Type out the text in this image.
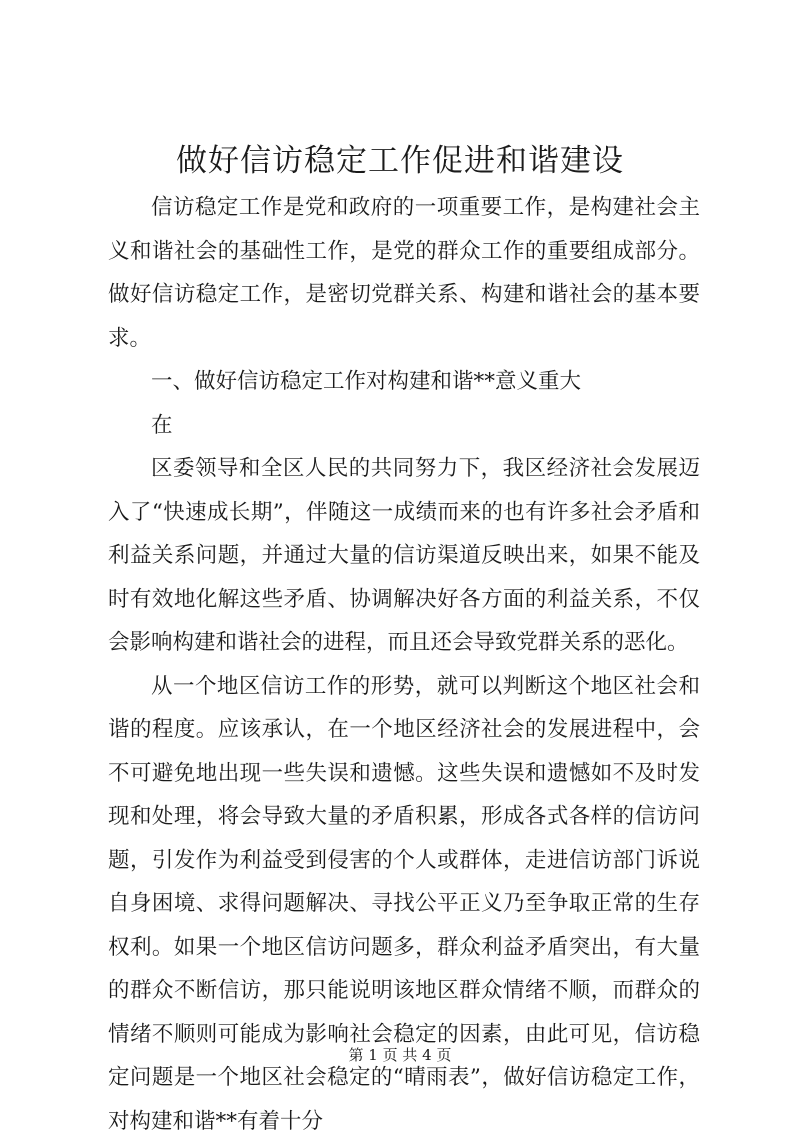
做好信访稳定工作促进和谐建设

信访稳定工作是党和政府的一项重要工作，是构建社会主义和谐社会的基础性工作，是党的群众工作的重要组成部分。做好信访稳定工作，是密切党群关系、构建和谐社会的基本要求。

一、做好信访稳定工作对构建和谐**意义重大

在

区委领导和全区人民的共同努力下，我区经济社会发展迈入了“快速成长期”，伴随这一成绩而来的也有许多社会矛盾和利益关系问题，并通过大量的信访渠道反映出来，如果不能及时有效地化解这些矛盾、协调解决好各方面的利益关系，不仅会影响构建和谐社会的进程，而且还会导致党群关系的恶化。

从一个地区信访工作的形势，就可以判断这个地区社会和谐的程度。应该承认，在一个地区经济社会的发展进程中，会不可避免地出现一些失误和遗憾。这些失误和遗憾如不及时发现和处理，将会导致大量的矛盾积累，形成各式各样的信访问题，引发作为利益受到侵害的个人或群体，走进信访部门诉说自身困境、求得问题解决、寻找公平正义乃至争取正常的生存权利。如果一个地区信访问题多，群众利益矛盾突出，有大量的群众不断信访，那只能说明该地区群众情绪不顺，而群众的情绪不顺则可能成为影响社会稳定的因素，由此可见，信访稳定问题是一个地区社会稳定的“晴雨表”，做好信访稳定工作，对构建和谐**有着十分

第 1 页 共 4 页
